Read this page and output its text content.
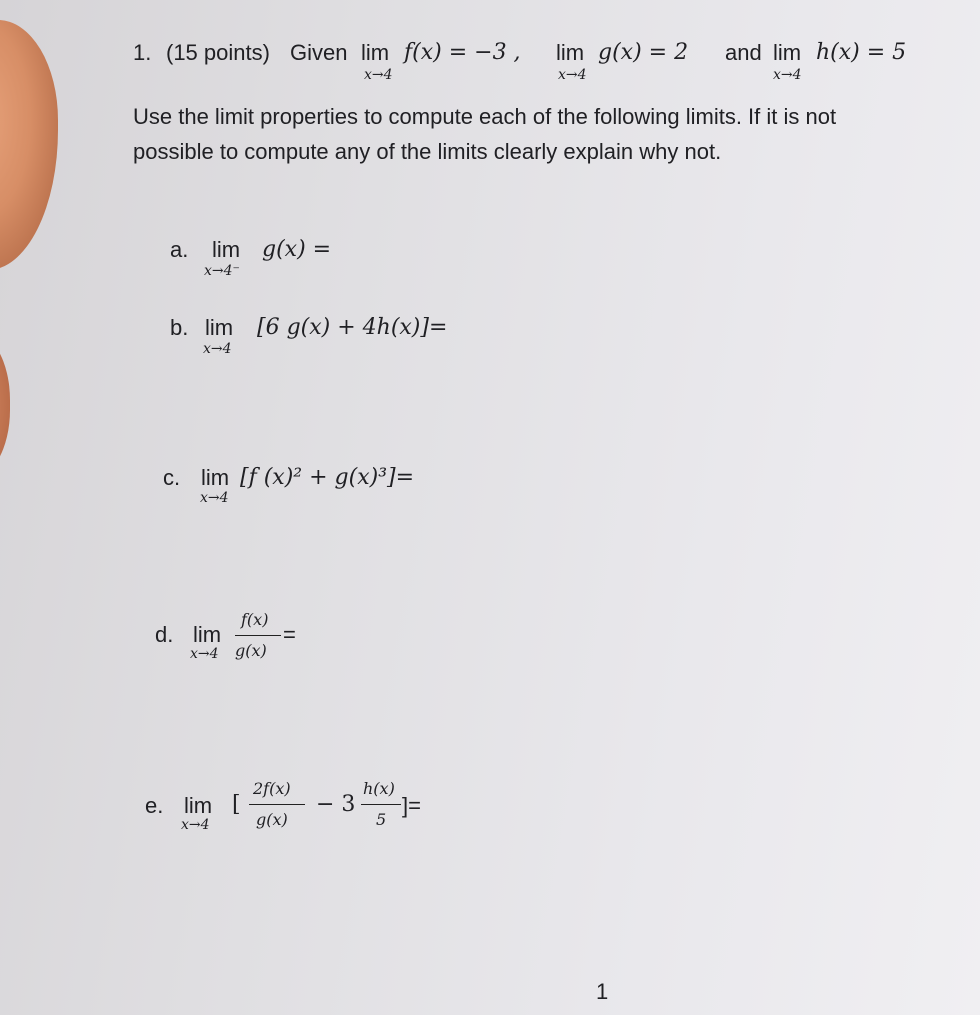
1. (15 points) Given lim
x→4
f(x) = −3 , lim
x→4
g(x) = 2 and lim
x→4
h(x) = 5
Use the limit properties to compute each of the following limits. If it is not
possible to compute any of the limits clearly explain why not.
a. lim
x→4⁻
g(x) =
b. lim
x→4
[6 g(x) + 4h(x)]=
c. lim
x→4
[f (x)² + g(x)³]=
d. lim
x→4
f(x)
g(x)
=
e. lim
x→4
[
2f(x)
g(x)
− 3
h(x)
5
]=
1
